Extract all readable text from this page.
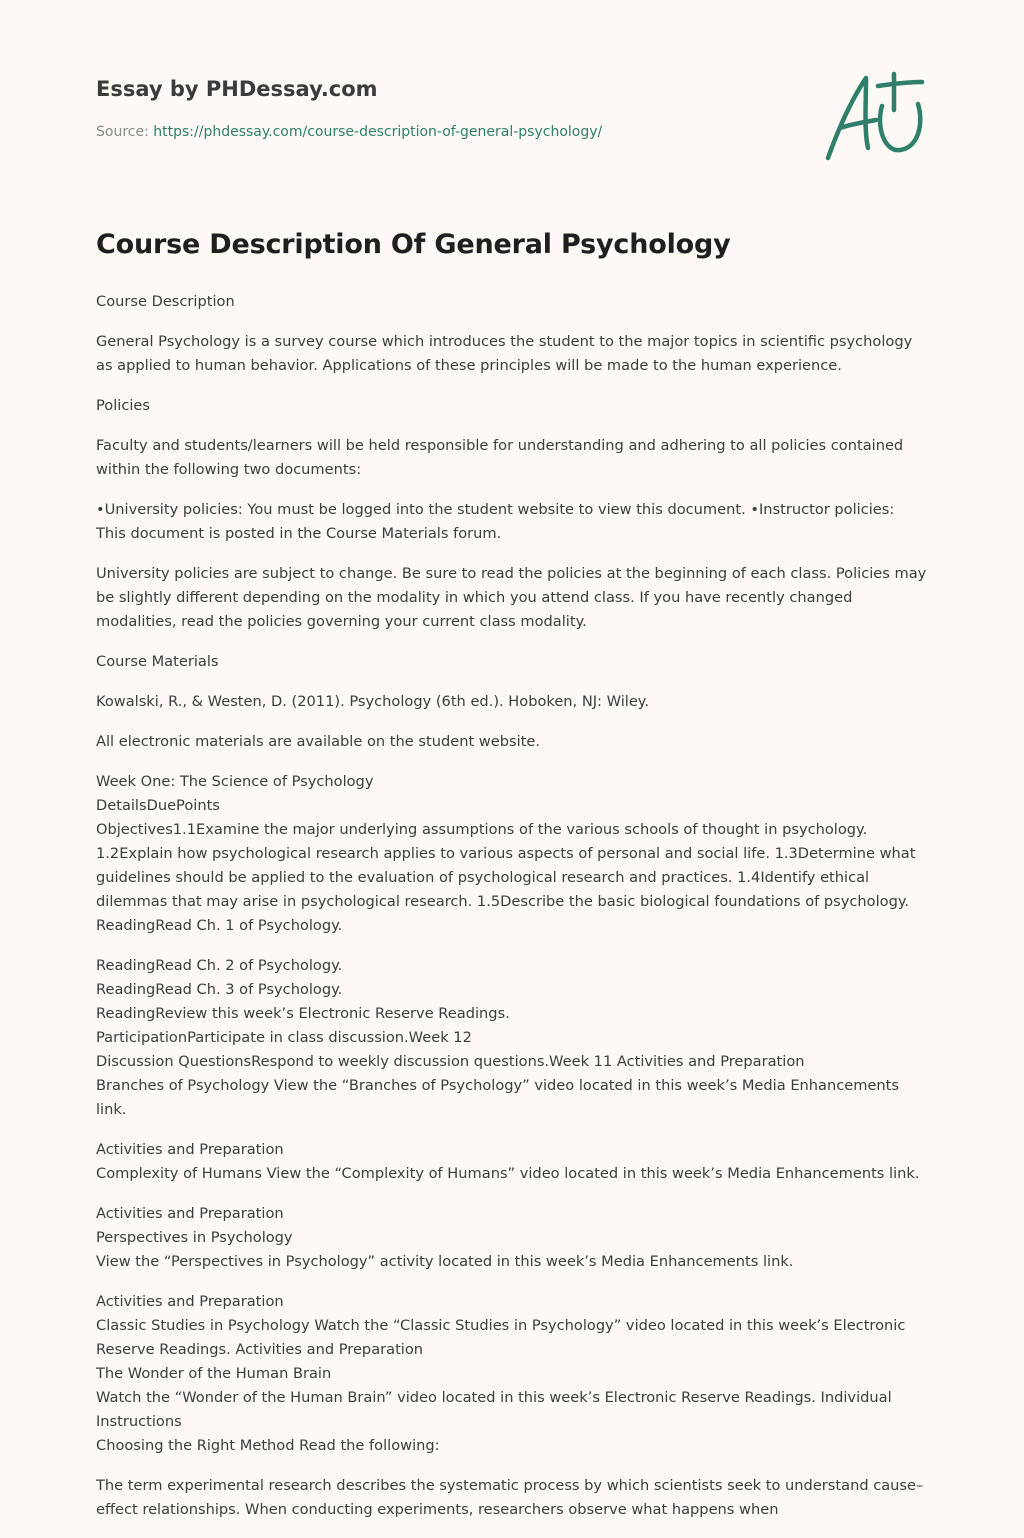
Essay by PHDessay.com
Source: https://phdessay.com/course-description-of-general-psychology/
Course Description Of General Psychology

Course Description

General Psychology is a survey course which introduces the student to the major topics in scientific psychology as applied to human behavior. Applications of these principles will be made to the human experience.

Policies

Faculty and students/learners will be held responsible for understanding and adhering to all policies contained within the following two documents:

•University policies: You must be logged into the student website to view this document. •Instructor policies: This document is posted in the Course Materials forum.

University policies are subject to change. Be sure to read the policies at the beginning of each class. Policies may be slightly different depending on the modality in which you attend class. If you have recently changed modalities, read the policies governing your current class modality.

Course Materials

Kowalski, R., & Westen, D. (2011). Psychology (6th ed.). Hoboken, NJ: Wiley.

All electronic materials are available on the student website.

Week One: The Science of Psychology
DetailsDuePoints
Objectives1.1Examine the major underlying assumptions of the various schools of thought in psychology. 1.2Explain how psychological research applies to various aspects of personal and social life. 1.3Determine what guidelines should be applied to the evaluation of psychological research and practices. 1.4Identify ethical dilemmas that may arise in psychological research. 1.5Describe the basic biological foundations of psychology.
ReadingRead Ch. 1 of Psychology.

ReadingRead Ch. 2 of Psychology.
ReadingRead Ch. 3 of Psychology.
ReadingReview this week’s Electronic Reserve Readings.
ParticipationParticipate in class discussion.Week 12
Discussion QuestionsRespond to weekly discussion questions.Week 11 Activities and Preparation
Branches of Psychology View the “Branches of Psychology” video located in this week’s Media Enhancements link.

Activities and Preparation
Complexity of Humans View the “Complexity of Humans” video located in this week’s Media Enhancements link.

Activities and Preparation
Perspectives in Psychology
View the “Perspectives in Psychology” activity located in this week’s Media Enhancements link.

Activities and Preparation
Classic Studies in Psychology Watch the “Classic Studies in Psychology” video located in this week’s Electronic Reserve Readings. Activities and Preparation
The Wonder of the Human Brain
Watch the “Wonder of the Human Brain” video located in this week’s Electronic Reserve Readings. Individual Instructions
Choosing the Right Method Read the following:

The term experimental research describes the systematic process by which scientists seek to understand cause–effect relationships. When conducting experiments, researchers observe what happens when
